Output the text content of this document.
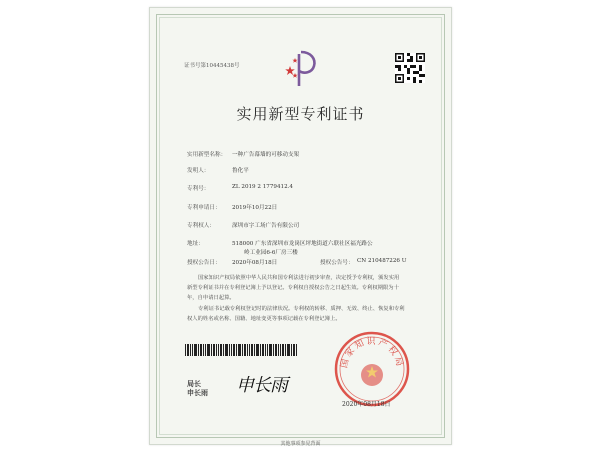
证书号第10445438号
实用新型专利证书
实用新型名称： 一种广告幕墙的可移动支架
发明人：	鲁化平
专利号：	ZL 2019 2 1779412.4
专利申请日： 2019年10月22日
专利权人：	深圳市字工场广告有限公司
地址：	518000 广东省深圳市龙岗区坪地街道六联社区福光路公
岭工业园6-6厂房三楼
授权公告日： 2020年08月18日	授权公告号： CN 210487226 U
国家知识产权局依照中华人民共和国专利法进行初步审查，决定授予专利权，颁发实用
新型专利证书并在专利登记簿上予以登记。专利权自授权公告之日起生效。专利权期限为十
年，自申请日起算。
专利证书记载专利权登记时的法律状况。专利权的转移、质押、无效、终止、恢复和专利
权人的姓名或名称、国籍、地址变更等事项记载在专利登记簿上。
局长
申长雨 申长雨
国家知识产权局
2020年08月18日
其他事项参见背面
